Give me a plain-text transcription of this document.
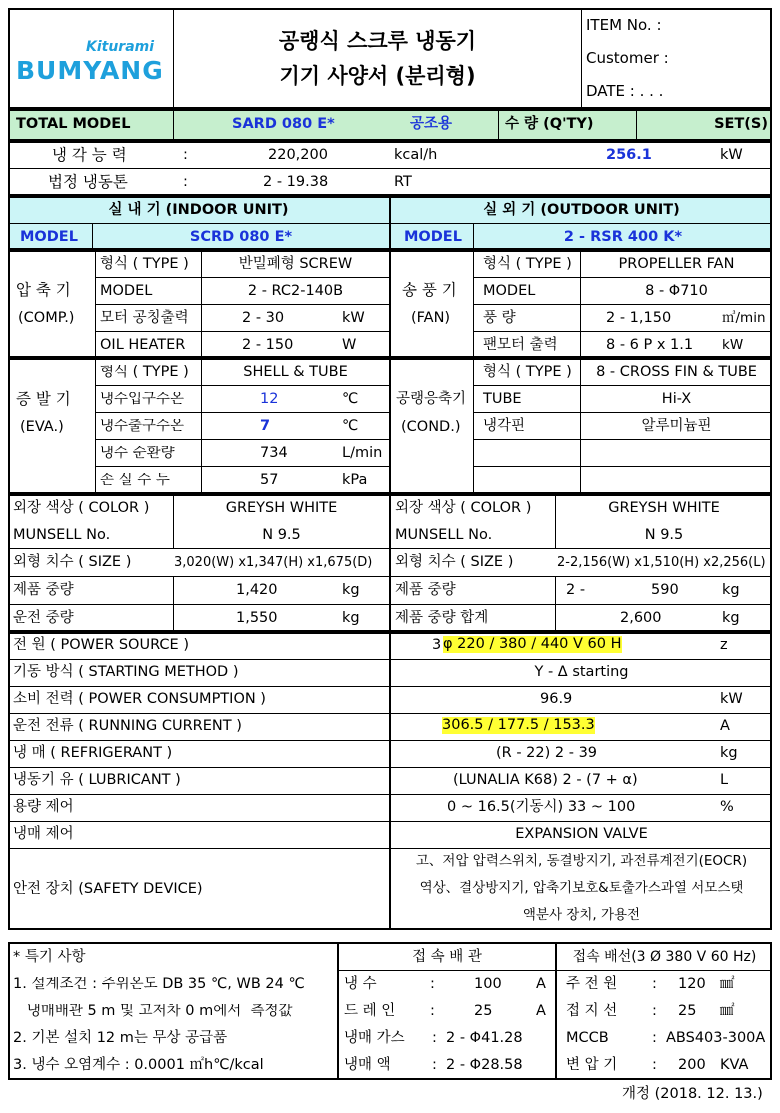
Kiturami
BUMYANG
공랭식 스크루 냉동기
기기 사양서 (분리형)
ITEM No. :
Customer :
DATE : . . .
TOTAL MODEL	SARD 080 E*	공조용	수 량 (Q'TY)	SET(S)
냉 각 능 력	:	220,200	kcal/h	256.1	kW
법정 냉동톤	:	2 - 19.38	RT
실 내 기 (INDOOR UNIT)	실 외 기 (OUTDOOR UNIT)
MODEL	SCRD 080 E*	MODEL	2 - RSR 400 K*
압 축 기
(COMP.)
송 풍 기
(FAN)
형식 ( TYPE )	반밀폐형 SCREW
MODEL	2 - RC2-140B
모터 공칭출력	2 - 30	kW
OIL HEATER	2 - 150	W
형식 ( TYPE )	PROPELLER FAN
MODEL	8 - Φ710
풍 량	2 - 1,150	㎥/min
팬모터 출력	8 - 6 P x 1.1 kW
증 발 기
(EVA.)
공랭응축기
(COND.)
형식 ( TYPE )	SHELL & TUBE
냉수입구수온	12	℃
냉수출구수온	7	℃
냉수 순환량	734	L/min
손 실 수 두	57	kPa
형식 ( TYPE )	8 - CROSS FIN & TUBE
TUBE	Hi-X
냉각핀	알루미늄핀
외장 색상 ( COLOR )	GREYSH WHITE
MUNSELL No.	N 9.5
외형 치수 ( SIZE )	3,020(W) x1,347(H) x1,675(D)
제품 중량	1,420	kg
운전 중량	1,550	kg
외장 색상 ( COLOR )	GREYSH WHITE
MUNSELL No.	N 9.5
외형 치수 ( SIZE )	2-2,156(W) x1,510(H) x2,256(L)
제품 중량	2 -	590	kg
제품 중량 합계	2,600	kg
전 원 ( POWER SOURCE )	3 φ 220 / 380 / 440 V 60 H	z
기동 방식 ( STARTING METHOD )	Y - Δ starting
소비 전력 ( POWER CONSUMPTION )	96.9	kW
운전 전류 ( RUNNING CURRENT )	306.5 / 177.5 / 153.3	A
냉 매 ( REFRIGERANT )	(R - 22) 2 - 39	kg
냉동기 유 ( LUBRICANT )	(LUNALIA K68) 2 - (7 + α)	L
용량 제어	0 ~ 16.5(기동시) 33 ~ 100	%
냉매 제어	EXPANSION VALVE
안전 장치 (SAFETY DEVICE)
고、저압 압력스위치, 동결방지기, 과전류계전기(EOCR)
역상、결상방지기, 압축기보호&토출가스과열 서모스탯
액분사 장치, 가용전
* 특기 사항
1. 설계조건 : 주위온도 DB 35 ℃, WB 24 ℃
냉매배관 5 m 및 고저차 0 m에서  측정값
2. 기본 설치 12 m는 무상 공급품
3. 냉수 오염계수 : 0.0001 ㎡h℃/kcal
접 속 배 관	접속 배선(3 Ø 380 V 60 Hz)
냉 수	:	100 A
드 레 인 :	25	A
냉매 가스 : 2 - Φ41.28
냉매 액	: 2 - Φ28.58
주 전 원 : 120 ㎟
접 지 선 : 25 ㎟
MCCB	: ABS403-300A
변 압 기 : 200 KVA
개정 (2018. 12. 13.)
